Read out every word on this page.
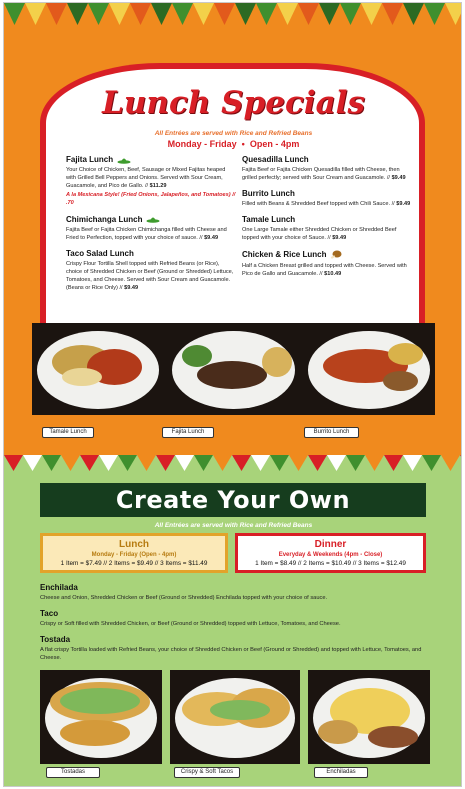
Lunch Specials
All Entrées are served with Rice and Refried Beans
Monday - Friday  •  Open - 4pm
Fajita Lunch

Your Choice of Chicken, Beef, Sausage or Mixed Fajitas heaped with Grilled Bell Peppers and Onions. Served with Sour Cream, Guacamole, and Pico de Gallo. // $11.29

A la Mexicana Style! (Fried Onions, Jalapeños, and Tomatoes) // .70
Chimichanga Lunch

Fajita Beef or Fajita Chicken Chimichanga filled with Cheese and Fried to Perfection, topped with your choice of sauce. // $9.49

Taco Salad Lunch

Crispy Flour Tortilla Shell topped with Refried Beans (or Rice), choice of Shredded Chicken or Beef (Ground or Shredded) Lettuce, Tomatoes, and Cheese. Served with Sour Cream and Guacamole. (Beans or Rice Only) // $9.49

Quesadilla Lunch

Fajita Beef or Fajita Chicken Quesadilla filled with Cheese, then grilled perfectly; served with Sour Cream and Guacamole. // $9.49

Burrito Lunch

Filled with Beans & Shredded Beef topped with Chili Sauce. // $9.49

Tamale Lunch

One Large Tamale either Shredded Chicken or Shredded Beef topped with your choice of Sauce. // $9.49

Chicken & Rice Lunch

Half a Chicken Breast grilled and topped with Cheese. Served with Pico de Gallo and Guacamole. // $10.49

Tamale Lunch	Fajita Lunch	Burrito Lunch
Create Your Own
All Entrées are served with Rice and Refried Beans
Lunch
Monday - Friday (Open - 4pm)
1 Item = $7.49 // 2 Items = $9.49 // 3 Items = $11.49
Dinner
Everyday & Weekends (4pm - Close)
1 Item = $8.49 // 2 Items = $10.49 // 3 Items = $12.49
Enchilada

Cheese and Onion, Shredded Chicken or Beef (Ground or Shredded) Enchilada topped with your choice of sauce.

Taco

Crispy or Soft filled with Shredded Chicken, or Beef (Ground or Shredded) topped with Lettuce, Tomatoes, and Cheese.

Tostada

A flat crispy Tortilla loaded with Refried Beans, your choice of Shredded Chicken or Beef (Ground or Shredded) and topped with Lettuce, Tomatoes, and Cheese.

Tostadas	Crispy & Soft Tacos	Enchiladas
